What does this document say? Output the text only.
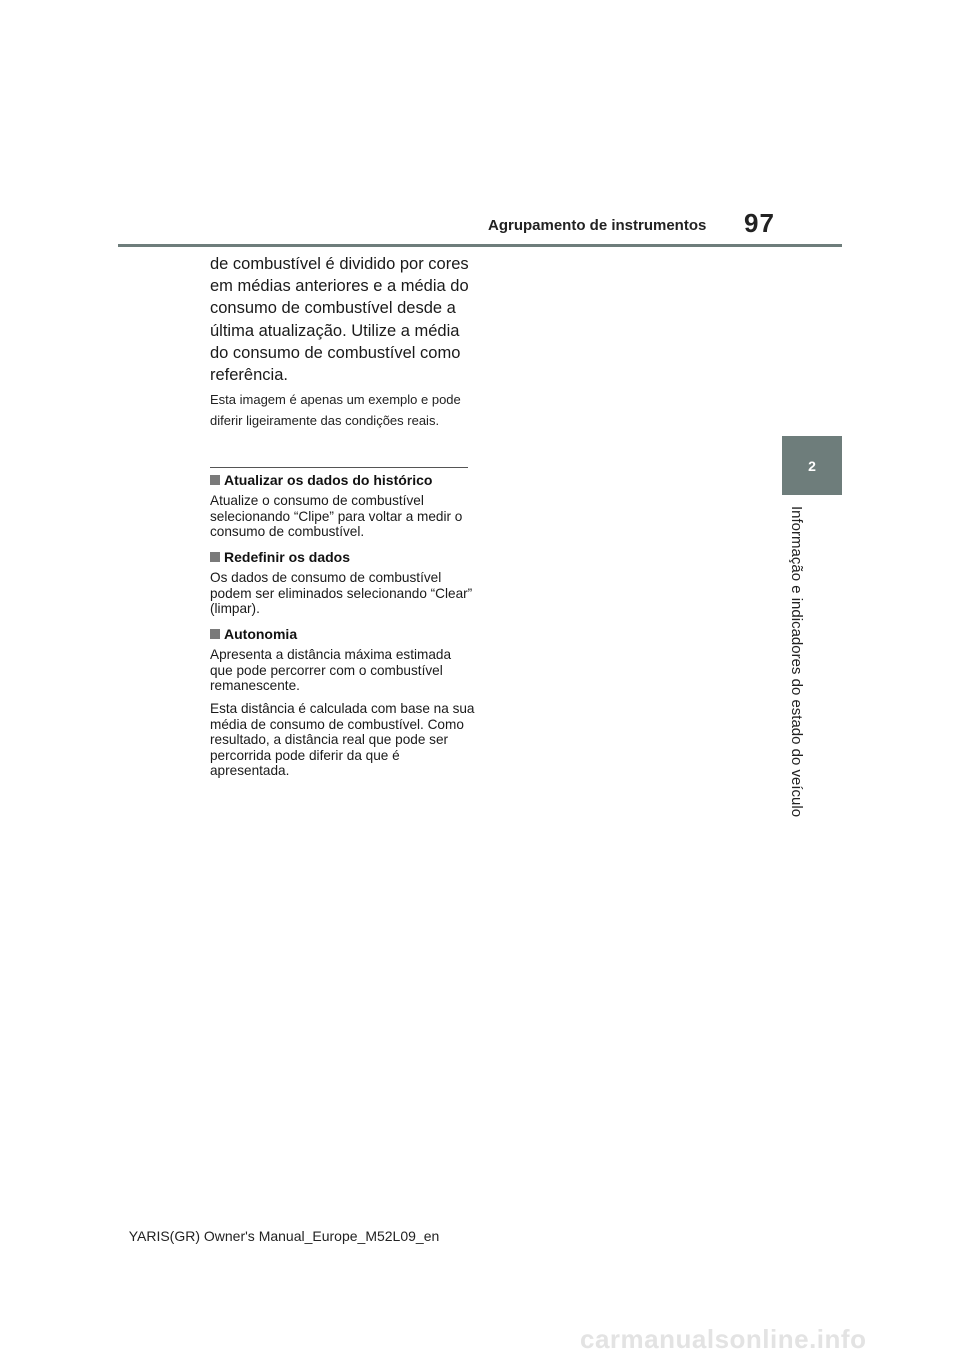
Agrupamento de instrumentos 97
2
Informação e indicadores do estado do veículo
de combustível é dividido por cores em médias anteriores e a média do consumo de combustível desde a última atualização. Utilize a média do consumo de combustível como referência.
Esta imagem é apenas um exemplo e pode diferir ligeiramente das condições reais.
Atualizar os dados do histórico
Atualize o consumo de combustível selecionando “Clipe” para voltar a medir o consumo de combustível.
Redefinir os dados
Os dados de consumo de combustível podem ser eliminados selecionando “Clear” (limpar).
Autonomia
Apresenta a distância máxima estimada que pode percorrer com o combustível remanescente.
Esta distância é calculada com base na sua média de consumo de combustível. Como resultado, a distância real que pode ser percorrida pode diferir da que é apresentada.
YARIS(GR) Owner's Manual_Europe_M52L09_en
carmanualsonline.info
